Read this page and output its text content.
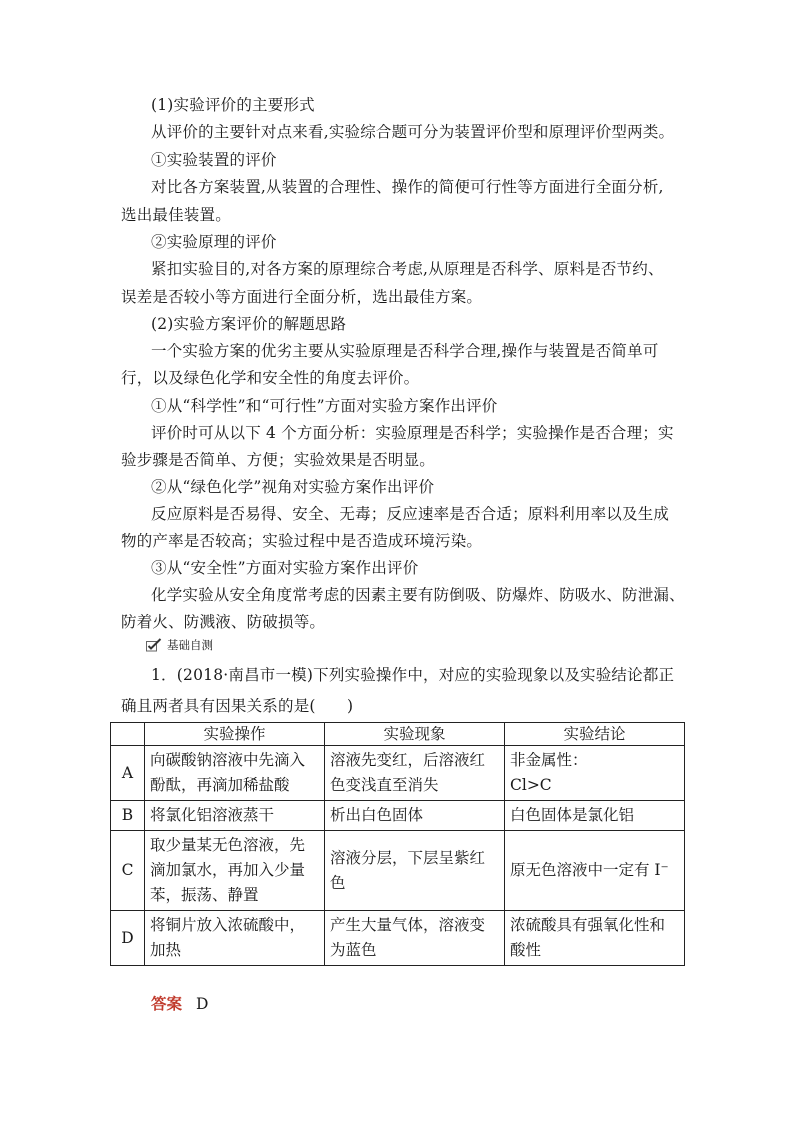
(1)实验评价的主要形式
从评价的主要针对点来看,实验综合题可分为装置评价型和原理评价型两类。
①实验装置的评价
对比各方案装置,从装置的合理性、操作的简便可行性等方面进行全面分析,
选出最佳装置。
②实验原理的评价
紧扣实验目的,对各方案的原理综合考虑,从原理是否科学、原料是否节约、
误差是否较小等方面进行全面分析，选出最佳方案。
(2)实验方案评价的解题思路
一个实验方案的优劣主要从实验原理是否科学合理,操作与装置是否简单可
行，以及绿色化学和安全性的角度去评价。
①从“科学性”和“可行性”方面对实验方案作出评价
评价时可从以下 4 个方面分析：实验原理是否科学；实验操作是否合理；实
验步骤是否简单、方便；实验效果是否明显。
②从“绿色化学”视角对实验方案作出评价
反应原料是否易得、安全、无毒；反应速率是否合适；原料利用率以及生成
物的产率是否较高；实验过程中是否造成环境污染。
③从“安全性”方面对实验方案作出评价
化学实验从安全角度常考虑的因素主要有防倒吸、防爆炸、防吸水、防泄漏、
防着火、防溅液、防破损等。
基础自测
1．(2018·南昌市一模)下列实验操作中，对应的实验现象以及实验结论都正
确且两者具有因果关系的是(　　)
	实验操作	实验现象	实验结论
A	向碳酸钠溶液中先滴入
酚酞，再滴加稀盐酸	溶液先变红，后溶液红
色变浅直至消失	非金属性：
Cl>C
B	将氯化铝溶液蒸干	析出白色固体	白色固体是氯化铝
C	取少量某无色溶液，先
滴加氯水，再加入少量
苯，振荡、静置	溶液分层，下层呈紫红
色	原无色溶液中一定有 I⁻
D	将铜片放入浓硫酸中，
加热	产生大量气体，溶液变
为蓝色	浓硫酸具有强氧化性和
酸性
答案 D
